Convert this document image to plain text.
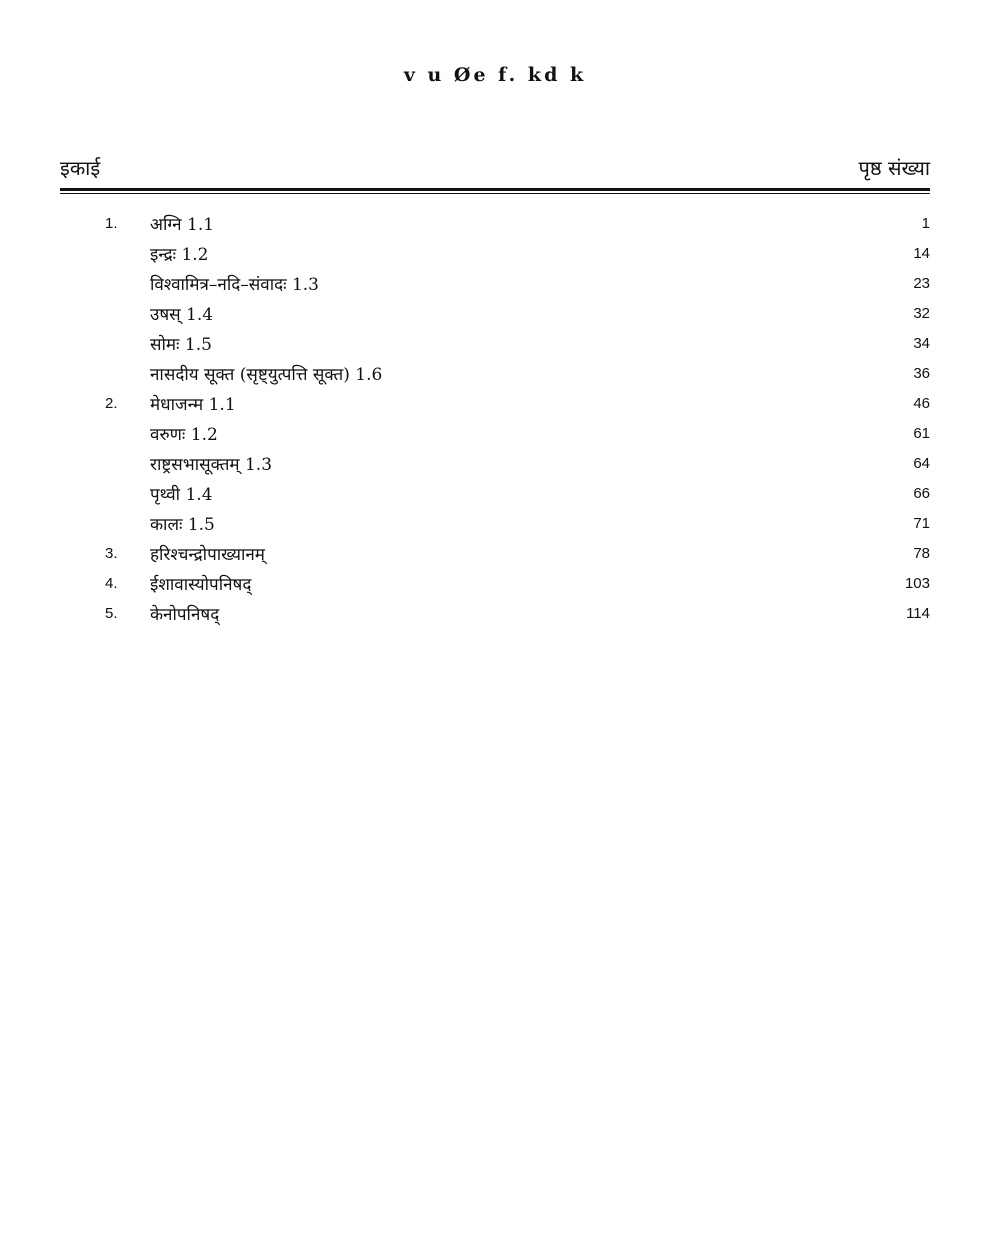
v u Øe f. kd k
इकाई	पृष्ठ संख्या
1. अग्नि 1.1	1
इन्द्रः 1.2	14
विश्वामित्र–नदि–संवादः 1.3	23
उषस् 1.4	32
सोमः 1.5	34
नासदीय सूक्त (सृष्ट्युत्पत्ति सूक्त) 1.6	36
2. मेधाजन्म 1.1	46
वरुणः 1.2	61
राष्ट्रसभासूक्तम् 1.3	64
पृथ्वी 1.4	66
कालः 1.5	71
3. हरिश्चन्द्रोपाख्यानम्	78
4. ईशावास्योपनिषद्	103
5. केनोपनिषद्	114
